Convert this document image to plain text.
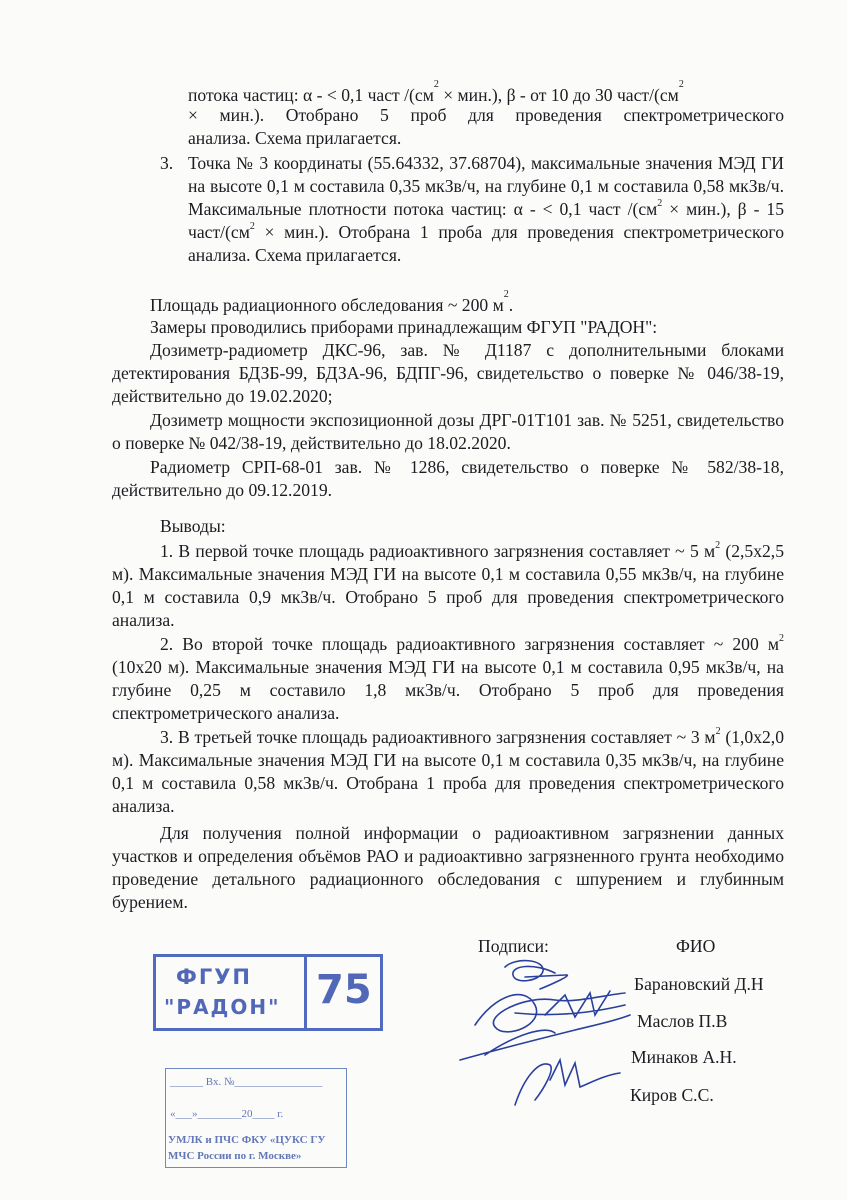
потока частиц: α - < 0,1 част $/(см^2 \times мин.)$, β - от 10 до 30 част/($см^2$
× мин.). Отобрано 5 проб для проведения спектрометрического
анализа. Схема прилагается.
3. Точка № 3 координаты (55.64332, 37.68704), максимальные значения МЭД ГИ на высоте 0,1 м составила 0,35 мкЗв/ч, на глубине 0,1 м составила 0,58 мкЗв/ч. Максимальные плотности потока частиц: α - < 0,1 част $/(см^2 \times мин.)$, β - 15 част/$(см^2 \times мин.)$. Отобрана 1 проба для проведения спектрометрического анализа. Схема прилагается.

Площадь радиационного обследования ~ 200 $м^2$.
Замеры проводились приборами принадлежащим ФГУП "РАДОН":

Дозиметр-радиометр ДКС-96, зав. № Д1187 с дополнительными блоками детектирования БДЗБ-99, БДЗА-96, БДПГ-96, свидетельство о поверке № 046/38-19, действительно до 19.02.2020;

Дозиметр мощности экспозиционной дозы ДРГ-01Т101 зав. № 5251, свидетельство о поверке № 042/38-19, действительно до 18.02.2020.

Радиометр СРП-68-01 зав. № 1286, свидетельство о поверке № 582/38-18, действительно до 09.12.2019.

Выводы:

1. В первой точке площадь радиоактивного загрязнения составляет ~ 5 $м^2$ (2,5х2,5 м). Максимальные значения МЭД ГИ на высоте 0,1 м составила 0,55 мкЗв/ч, на глубине 0,1 м составила 0,9 мкЗв/ч. Отобрано 5 проб для проведения спектрометрического анализа.

2. Во второй точке площадь радиоактивного загрязнения составляет ~ 200 $м^2$ (10х20 м). Максимальные значения МЭД ГИ на высоте 0,1 м составила 0,95 мкЗв/ч, на глубине 0,25 м составило 1,8 мкЗв/ч. Отобрано 5 проб для проведения спектрометрического анализа.

3. В третьей точке площадь радиоактивного загрязнения составляет ~ 3 $м^2$ (1,0х2,0 м). Максимальные значения МЭД ГИ на высоте 0,1 м составила 0,35 мкЗв/ч, на глубине 0,1 м составила 0,58 мкЗв/ч. Отобрана 1 проба для проведения спектрометрического анализа.

Для получения полной информации о радиоактивном загрязнении данных участков и определения объёмов РАО и радиоактивно загрязненного грунта необходимо проведение детального радиационного обследования с шпурением и глубинным бурением.

Подписи:	ФИО
Барановский Д.Н
Маслов П.В
Минаков А.Н.
Киров С.С.
ФГУП
"РАДОН" 75
______ Вх. №________________
«___»________20____ г.
УМЛК и ПЧС ФКУ «ЦУКС ГУ
МЧС России по г. Москве»
